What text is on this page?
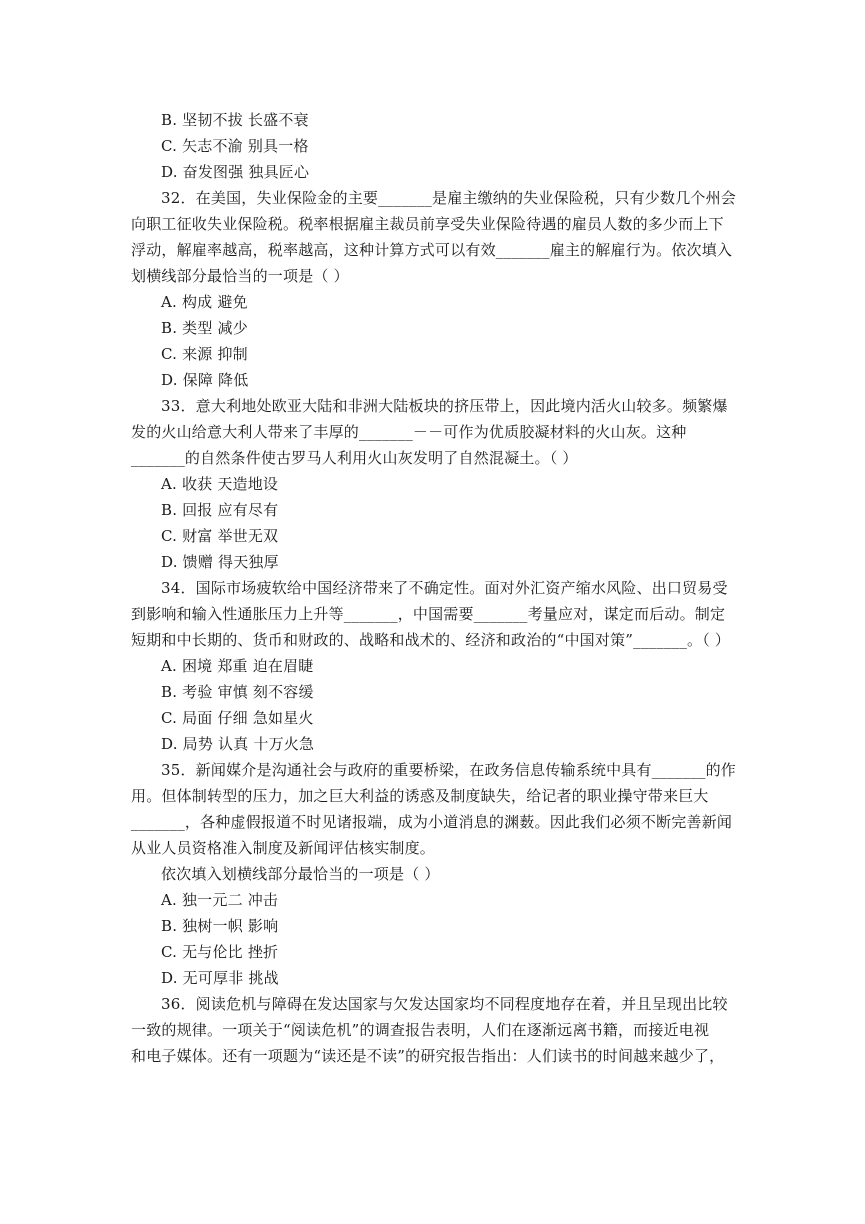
B. 坚韧不拔 长盛不衰
C. 矢志不渝 别具一格
D. 奋发图强 独具匠心
32．在美国，失业保险金的主要_______是雇主缴纳的失业保险税，只有少数几个州会
向职工征收失业保险税。税率根据雇主裁员前享受失业保险待遇的雇员人数的多少而上下
浮动，解雇率越高，税率越高，这种计算方式可以有效_______雇主的解雇行为。依次填入
划横线部分最恰当的一项是（ ）
A. 构成 避免
B. 类型 减少
C. 来源 抑制
D. 保障 降低
33．意大利地处欧亚大陆和非洲大陆板块的挤压带上，因此境内活火山较多。频繁爆
发的火山给意大利人带来了丰厚的_______－－可作为优质胶凝材料的火山灰。这种
_______的自然条件使古罗马人利用火山灰发明了自然混凝土。（ ）
A. 收获 天造地设
B. 回报 应有尽有
C. 财富 举世无双
D. 馈赠 得天独厚
34．国际市场疲软给中国经济带来了不确定性。面对外汇资产缩水风险、出口贸易受
到影响和输入性通胀压力上升等_______，中国需要_______考量应对，谋定而后动。制定
短期和中长期的、货币和财政的、战略和战术的、经济和政治的“中国对策”_______。（ ）
A. 困境 郑重 迫在眉睫
B. 考验 审慎 刻不容缓
C. 局面 仔细 急如星火
D. 局势 认真 十万火急
35．新闻媒介是沟通社会与政府的重要桥梁，在政务信息传输系统中具有_______的作
用。但体制转型的压力，加之巨大利益的诱惑及制度缺失，给记者的职业操守带来巨大
_______，各种虚假报道不时见诸报端，成为小道消息的渊薮。因此我们必须不断完善新闻
从业人员资格准入制度及新闻评估核实制度。
依次填入划横线部分最恰当的一项是（ ）
A. 独一元二 冲击
B. 独树一帜 影响
C. 无与伦比 挫折
D. 无可厚非 挑战
36．阅读危机与障碍在发达国家与欠发达国家均不同程度地存在着，并且呈现出比较
一致的规律。一项关于“阅读危机”的调查报告表明，人们在逐渐远离书籍，而接近电视
和电子媒体。还有一项题为“读还是不读”的研究报告指出：人们读书的时间越来越少了，
